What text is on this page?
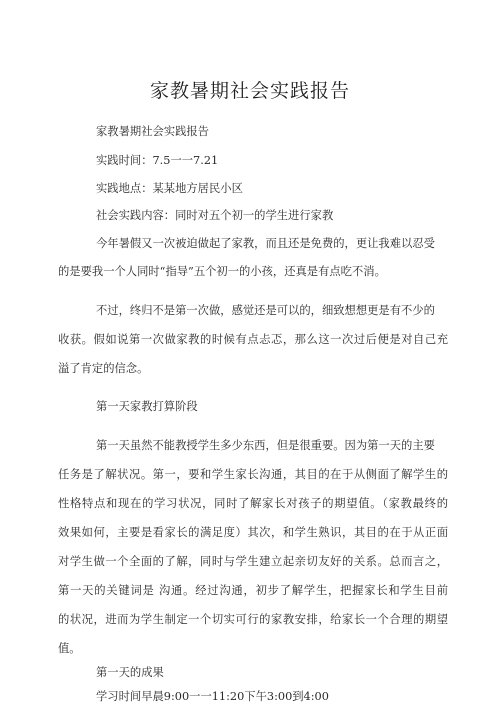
家教暑期社会实践报告
家教暑期社会实践报告
实践时间：7.5一一7.21
实践地点：某某地方居民小区
社会实践内容：同时对五个初一的学生进行家教
今年暑假又一次被迫做起了家教，而且还是免费的，更让我难以忍受
的是要我一个人同时“指导”五个初一的小孩，还真是有点吃不消。
不过，终归不是第一次做，感觉还是可以的，细致想想更是有不少的
收获。假如说第一次做家教的时候有点忐忑，那么这一次过后便是对自己充
溢了肯定的信念。
第一天家教打算阶段
第一天虽然不能教授学生多少东西，但是很重要。因为第一天的主要
任务是了解状况。第一，要和学生家长沟通，其目的在于从侧面了解学生的
性格特点和现在的学习状况，同时了解家长对孩子的期望值。（家教最终的
效果如何，主要是看家长的满足度）其次，和学生熟识，其目的在于从正面
对学生做一个全面的了解，同时与学生建立起亲切友好的关系。总而言之，
第一天的关键词是 沟通。经过沟通，初步了解学生，把握家长和学生目前
的状况，进而为学生制定一个切实可行的家教安排，给家长一个合理的期望
值。
第一天的成果
学习时间早晨9:00一一11:20下午3:00到4:00
